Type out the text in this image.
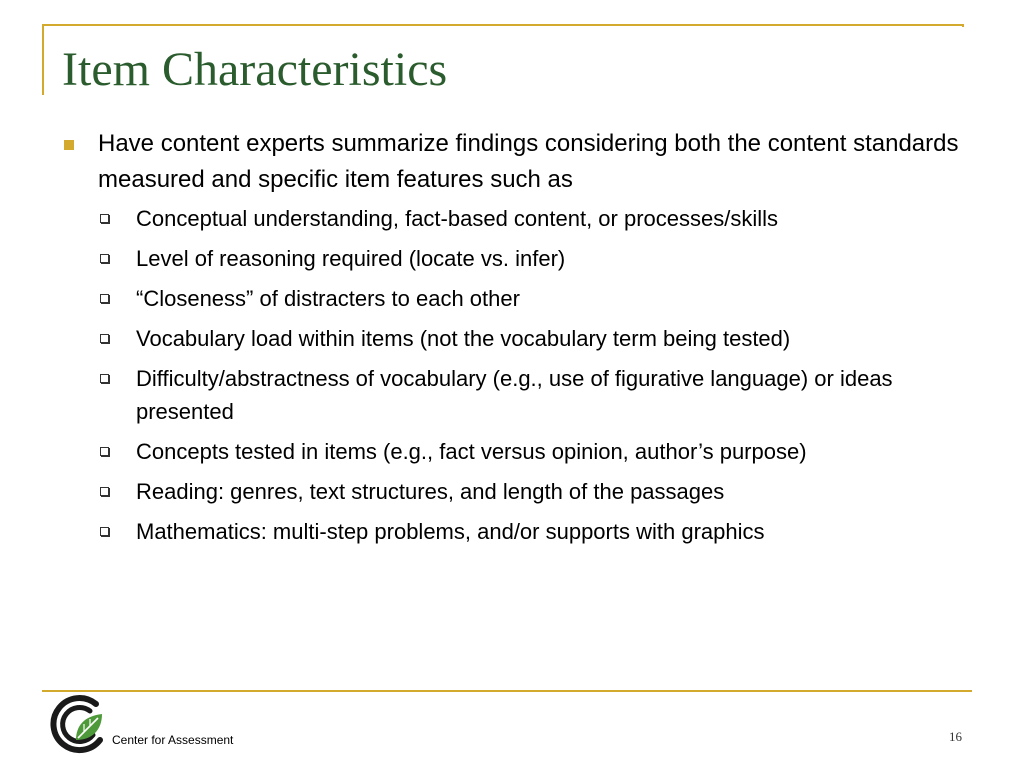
Item Characteristics
Have content experts summarize findings considering both the content standards measured and specific item features such as
Conceptual understanding, fact-based content, or processes/skills
Level of reasoning required (locate vs. infer)
“Closeness” of distracters to each other
Vocabulary load within items (not the vocabulary term being tested)
Difficulty/abstractness of vocabulary (e.g., use of figurative language) or ideas presented
Concepts tested in items (e.g., fact versus opinion, author’s purpose)
Reading: genres, text structures, and length of the passages
Mathematics: multi-step problems, and/or supports with graphics
Center for Assessment	16
